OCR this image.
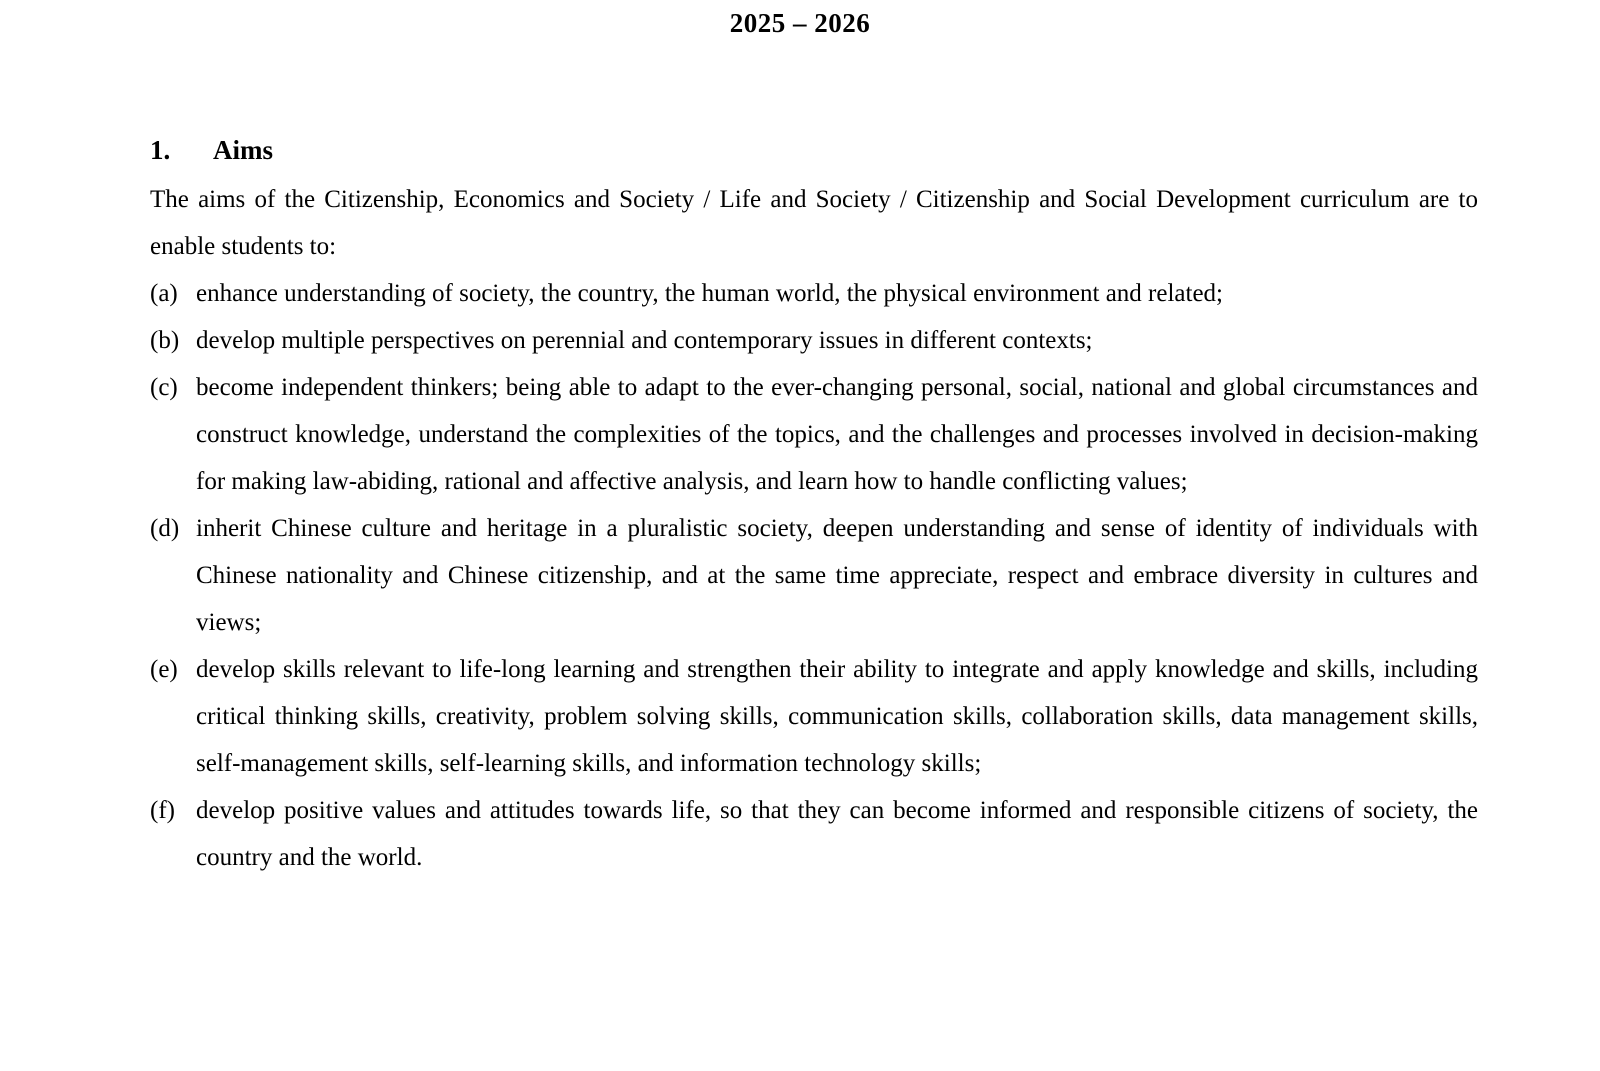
2025 – 2026
1.	Aims

The aims of the Citizenship, Economics and Society / Life and Society / Citizenship and Social Development curriculum are to enable students to:

(a) enhance understanding of society, the country, the human world, the physical environment and related;
(b) develop multiple perspectives on perennial and contemporary issues in different contexts;
(c) become independent thinkers; being able to adapt to the ever-changing personal, social, national and global circumstances and construct knowledge, understand the complexities of the topics, and the challenges and processes involved in decision-making for making law-abiding, rational and affective analysis, and learn how to handle conflicting values;
(d) inherit Chinese culture and heritage in a pluralistic society, deepen understanding and sense of identity of individuals with Chinese nationality and Chinese citizenship, and at the same time appreciate, respect and embrace diversity in cultures and views;
(e) develop skills relevant to life-long learning and strengthen their ability to integrate and apply knowledge and skills, including critical thinking skills, creativity, problem solving skills, communication skills, collaboration skills, data management skills, self-management skills, self-learning skills, and information technology skills;
(f) develop positive values and attitudes towards life, so that they can become informed and responsible citizens of society, the country and the world.
